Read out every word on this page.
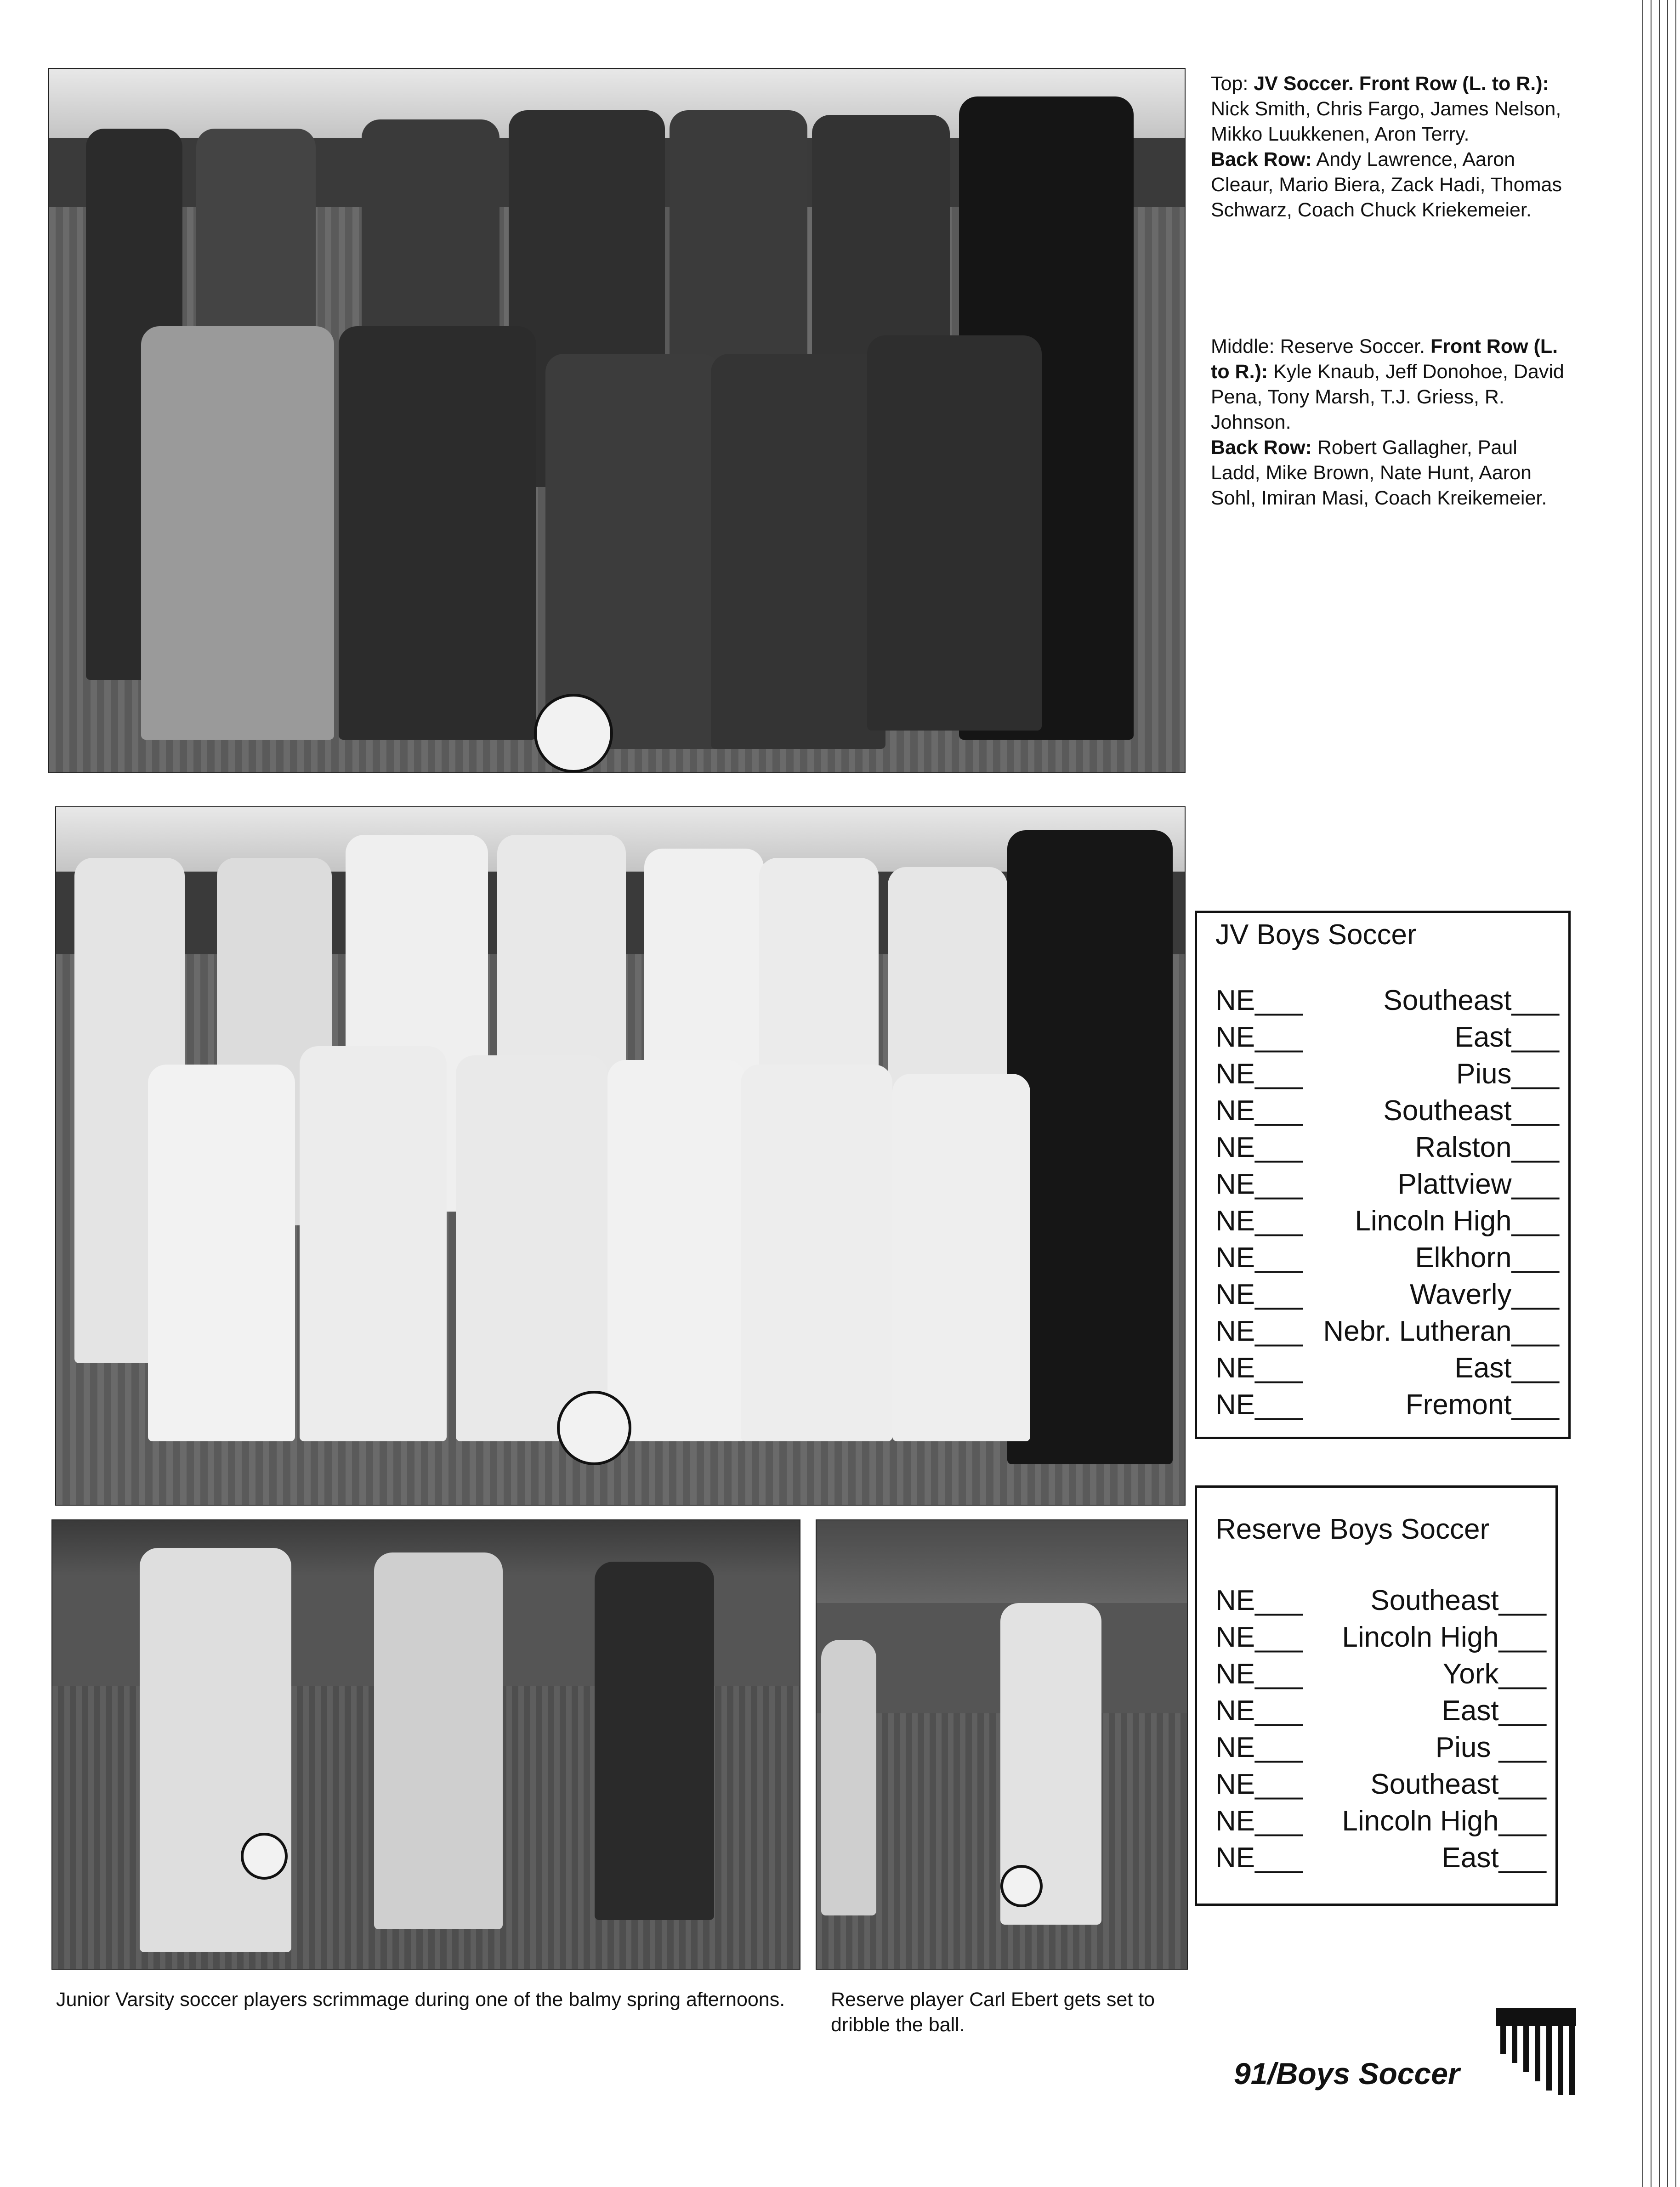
Top: JV Soccer. Front Row (L. to R.): Nick Smith, Chris Fargo, James Nelson, Mikko Luukkenen, Aron Terry.
Back Row: Andy Lawrence, Aaron Cleaur, Mario Biera, Zack Hadi, Thomas Schwarz, Coach Chuck Kriekemeier.
Middle: Reserve Soccer. Front Row (L. to R.): Kyle Knaub, Jeff Donohoe, David Pena, Tony Marsh, T.J. Griess, R. Johnson.
Back Row: Robert Gallagher, Paul Ladd, Mike Brown, Nate Hunt, Aaron Sohl, Imiran Masi, Coach Kreikemeier.
JV Boys Soccer
NE___	Southeast___
NE___	East___
NE___	Pius___
NE___	Southeast___
NE___	Ralston___
NE___	Plattview___
NE___ Lincoln High___
NE___	Elkhorn___
NE___	Waverly___
NE___ Nebr. Lutheran___
NE___	East___
NE___	Fremont___
Reserve Boys Soccer
NE___ Southeast___
NE___ Lincoln High___
NE___	York___
NE___	East___
NE___	Pius ___
NE___ Southeast___
NE___ Lincoln High___
NE___	East___
Junior Varsity soccer players scrimmage during one of the balmy spring afternoons.	Reserve player Carl Ebert gets set to dribble the ball.
91/Boys Soccer
